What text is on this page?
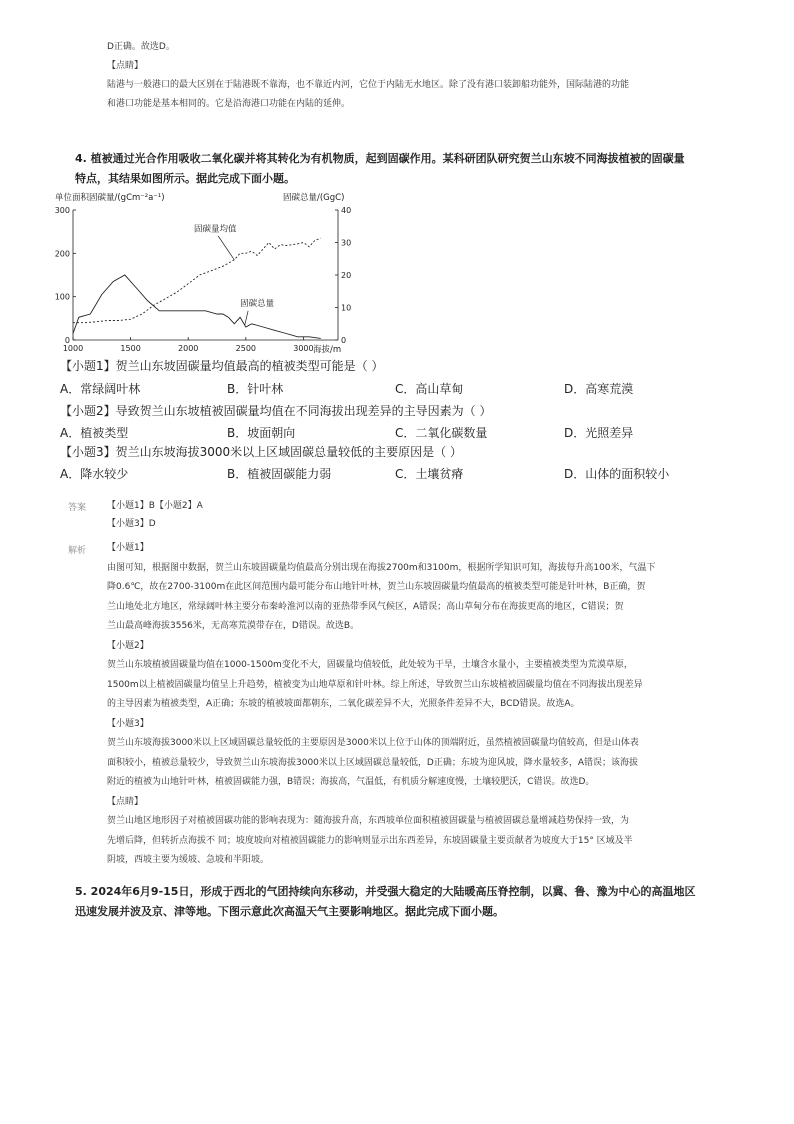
D正确。故选D。

【点睛】

陆港与一般港口的最大区别在于陆港既不靠海，也不靠近内河，它位于内陆无水地区。除了没有港口装卸船功能外，国际陆港的功能

和港口功能是基本相同的。它是沿海港口功能在内陆的延伸。

4. 植被通过光合作用吸收二氧化碳并将其转化为有机物质，起到固碳作用。某科研团队研究贺兰山东坡不同海拔植被的固碳量
特点，其结果如图所示。据此完成下面小题。
单位面积固碳量/(gCm⁻²a⁻¹)	固碳总量/(GgC)
海拔/m
0
100
200
300
0
10
20
30
40
1000	1500	2000	2500	3000
固碳量均值
固碳总量
【小题1】贺兰山东坡固碳量均值最高的植被类型可能是（ ）
A．常绿阔叶林	B．针叶林	C．高山草甸	D．高寒荒漠
【小题2】导致贺兰山东坡植被固碳量均值在不同海拔出现差异的主导因素为（ ）
A．植被类型	B．坡面朝向	C．二氧化碳数量	D．光照差异
【小题3】贺兰山东坡海拔3000米以上区域固碳总量较低的主要原因是（ ）
A．降水较少	B．植被固碳能力弱	C．土壤贫瘠	D．山体的面积较小
答案 【小题1】B【小题2】A
【小题3】D
解析 【小题1】

由图可知，根据图中数据，贺兰山东坡固碳量均值最高分别出现在海拔2700m和3100m，根据所学知识可知，海拔每升高100米，气温下

降0.6℃，故在2700-3100m在此区间范围内最可能分布山地针叶林，贺兰山东坡固碳量均值最高的植被类型可能是针叶林，B正确，贺

兰山地处北方地区，常绿阔叶林主要分布秦岭淮河以南的亚热带季风气候区，A错误；高山草甸分布在海拔更高的地区，C错误；贺

兰山最高峰海拔3556米，无高寒荒漠带存在，D错误。故选B。

【小题2】

贺兰山东坡植被固碳量均值在1000-1500m变化不大，固碳量均值较低，此处较为干旱，土壤含水量小，主要植被类型为荒漠草原，

1500m以上植被固碳量均值呈上升趋势，植被变为山地草原和针叶林。综上所述，导致贺兰山东坡植被固碳量均值在不同海拔出现差异

的主导因素为植被类型，A正确；东坡的植被坡面都朝东，二氧化碳差异不大，光照条件差异不大，BCD错误。故选A。

【小题3】

贺兰山东坡海拔3000米以上区域固碳总量较低的主要原因是3000米以上位于山体的顶端附近，虽然植被固碳量均值较高，但是山体表

面积较小，植被总量较少，导致贺兰山东坡海拔3000米以上区域固碳总量较低，D正确；东坡为迎风坡，降水量较多，A错误；该海拔

附近的植被为山地针叶林，植被固碳能力强，B错误；海拔高，气温低，有机质分解速度慢，土壤较肥沃，C错误。故选D。

【点睛】

贺兰山地区地形因子对植被固碳功能的影响表现为：随海拔升高，东西坡单位面积植被固碳量与植被固碳总量增减趋势保持一致，为

先增后降，但转折点海拔不 同；坡度坡向对植被固碳能力的影响则显示出东西差异，东坡固碳量主要贡献者为坡度大于15° 区域及半

阴坡，西坡主要为缓坡、急坡和半阳坡。

5. 2024年6月9-15日，形成于西北的气团持续向东移动，并受强大稳定的大陆暖高压脊控制，以冀、鲁、豫为中心的高温地区
迅速发展并波及京、津等地。下图示意此次高温天气主要影响地区。据此完成下面小题。
